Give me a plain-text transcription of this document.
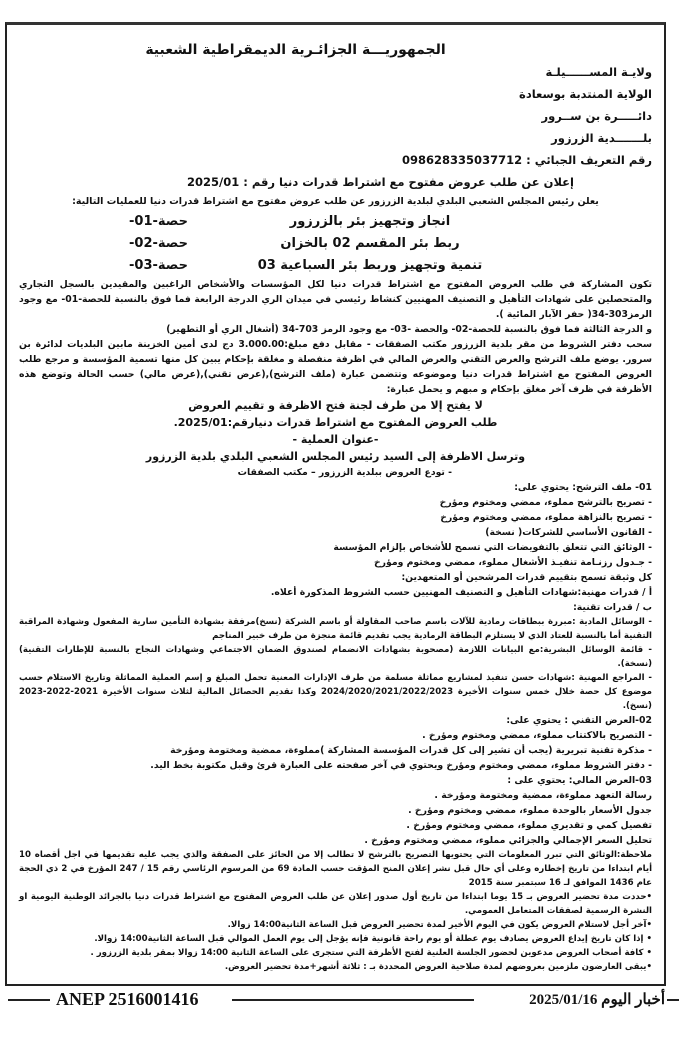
الجمهوريـــة الجزائـرية الديمقراطية الشعبية
ولايـة المســــــيلـة
الولاية المنتدبة بوسعادة
دائـــــرة بن ســرور
بلـــــــدية الزرزور
رقم التعريف الجبائي : 098628335037712
إعلان عن طلب عروض مفتوح مع اشتراط قدرات دنيا رقم : 2025/01
يعلن رئيس المجلس الشعبي البلدي لبلدية الزرزور عن طلب عروض مفتوح مع اشتراط قدرات دنيا للعمليات التالية:
انجاز وتجهيز بئر بالزرزور
حصة-01-
ربط بئر المقسم 02 بالخزان
حصة-02-
تنمية وتجهيز وربط بئر السباعية 03
حصة-03-
تكون المشاركة في طلب العروض المفتوح مع اشتراط قدرات دنيا لكل المؤسسات والأشخاص الراغبين والمقيدين بالسجل التجاري والمتحصلين على شهادات التأهيل و التصنيف المهنيين كنشاط رئيسي في ميدان الري الدرجة الرابعة فما فوق بالنسبة للحصة-01- مع وجود الرمز303-34( حفر الآبار المائية ).
و الدرجة الثالثة فما فوق بالنسبة للحصة-02- والحصة -03- مع وجود الرمز 703-34 (أشغال الري أو التطهير)
سحب دفتر الشروط من مقر بلدية الزرزور مكتب الصفقات - مقابل دفع مبلغ:3.000.00 دج لدى أمين الخزينة مابين البلديات لدائرة بن سرور. يوضع ملف الترشح والعرض التقني والعرض المالي في اظرفة منفصلة و مغلقة بإحكام يبين كل منها تسمية المؤسسة و مرجع طلب العروض المفتوح مع اشتراط قدرات دنيا وموضوعه وتتضمن عبارة (ملف الترشح),(عرض تقني),(عرض مالي) حسب الحالة وتوضع هذه الأظرفة في ظرف آخر مغلق بإحكام و مبهم و يحمل عبارة:
لا يفتح إلا من طرف لجنة فتح الاظرفة و تقييم العروض
طلب العروض المفتوح مع اشتراط قدرات دنيارقم:2025/01.
-عنوان العملية -
وترسل الاظرفة إلى السيد رئيس المجلس الشعبي البلدي بلدية الزرزور
- تودع العروض ببلدية الزرزور – مكتب الصفقات
01- ملف الترشح: يحتوي على:
- تصريح بالترشح مملوء، ممضي ومختوم ومؤرخ
- تصريح بالنزاهة مملوء، ممضي ومختوم ومؤرخ
- القانون الأساسي للشركات( نسخة)
- الوثائق التي تتعلق بالتفويضات التي تسمح للأشخاص بإلزام المؤسسة
- جـدول رزنـامة تنفيـذ الأشغال مملوء، ممضي ومختوم ومؤرخ
كل وثيقة تسمح بتقييم قدرات المرشحين أو المتعهدين:
أ / قدرات مهنية:شهادات التأهيل و التصنيف المهنيين حسب الشروط المذكورة أعلاه.
ب / قدرات تقنية:
- الوسائل المادية :مبررة ببطاقات رمادية للآلات باسم صاحب المقاولة أو باسم الشركة (نسخ)مرفقة بشهادة التأمين سارية المفعول وشهادة المراقبة التقنية أما بالنسبة للعتاد الذي لا يستلزم البطاقة الرمادية يجب تقديم قائمة منجزة من طرف خبير المناجم
- قائمة الوسائل البشرية:مع البيانات اللازمة (مصحوبة بشهادات الانضمام لصندوق الضمان الاجتماعي وشهادات النجاح بالنسبة للإطارات التقنية) (نسخة).
- المراجع المهنية :شهادات حسن تنفيذ لمشاريع مماثلة مسلمة من طرف الإدارات المعنية تحمل المبلغ و إسم العملية المماثلة وتاريخ الاستلام حسب موضوع كل حصة خلال خمس سنوات الأخيرة 2024/2020/2021/2022/2023 وكذا تقديم الحصائل المالية لثلاث سنوات الأخيرة 2021-2022-2023 (نسخ).
02-العرض التقني : يحتوي على:
- التصريح بالاكتتاب مملوء، ممضي ومختوم ومؤرخ .
- مذكرة تقنية تبريرية (يجب أن تشير إلى كل قدرات المؤسسة المشاركة )مملوءة، ممضية ومختومة ومؤرخة
- دفتر الشروط مملوء، ممضي ومختوم ومؤرخ ويحتوي في آخر صفحته على العبارة قرئ وقبل مكتوبة بخط اليد.
03-العرض المالي: يحتوي على :
رسالة التعهد مملوءة، ممضية ومختومة ومؤرخة .
جدول الأسعار بالوحدة مملوء، ممضي ومختوم ومؤرخ .
تفصيل كمي و تقديري مملوء، ممضي ومختوم ومؤرخ .
تحليل السعر الإجمالي والجزائي مملوء، ممضي ومختوم ومؤرخ .
ملاحظة:الوثائق التي تبرر المعلومات التي يحتويها التصريح بالترشح لا تطالب إلا من الحائز على الصفقة والذي يجب عليه تقديمها في اجل أقصاه 10 أيام ابتداءا من تاريخ إخطاره وعلى أي حال قبل نشر إعلان المنح المؤقت حسب المادة 69 من المرسوم الرئاسي رقم 15 / 247 المؤرخ في 2 ذي الحجة عام 1436 الموافق لـ 16 سبتمبر سنة 2015
•حددت مدة تحضير العروض بـ 15 يوما ابتداءا من تاريخ أول صدور إعلان عن طلب العروض المفتوح مع اشتراط قدرات دنيا بالجرائد الوطنية اليومية او النشرة الرسمية لصفقات المتعامل العمومي.
•آخر أجل لاستلام العروض يكون في اليوم الأخير لمدة تحضير العروض قبل الساعة الثانية14:00 زوالا.
• إذا كان تاريخ إيداع العروض يصادف يوم عطلة أو يوم راحة قانونية فإنه يؤجل إلى يوم العمل الموالي قبل الساعة الثانية14:00 زوالا.
• كافة أصحاب العروض مدعوين لحضور الجلسة العلنية لفتح الأظرفة التي ستجرى على الساعة الثانية 14:00 زوالا بمقر بلدية الزرزور .
•يبقى العارضون ملزمين بعروضهم لمدة صلاحية العروض المحددة بـ : ثلاثة أشهر+مدة تحضير العروض.
ANEP 2516001416	أخبار اليوم 2025/01/16
